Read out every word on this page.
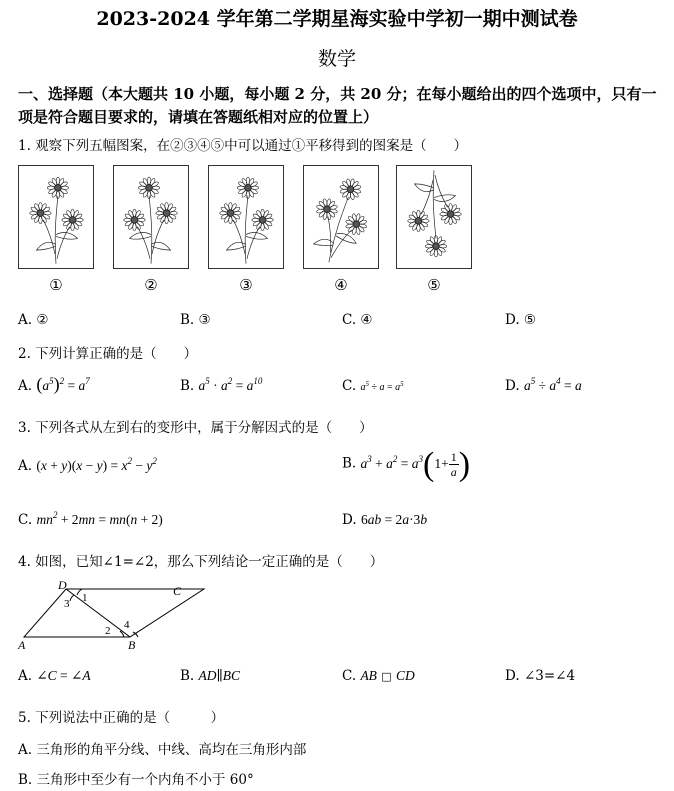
2023-2024 学年第二学期星海实验中学初一期中测试卷
数学
一、选择题（本大题共 10 小题，每小题 2 分，共 20 分；在每小题给出的四个选项中，只有一
项是符合题目要求的，请填在答题纸相对应的位置上）
1. 观察下列五幅图案，在②③④⑤中可以通过①平移得到的图案是（　　）
①	②	③	④	⑤
A. ②	B. ③	C. ④	D. ⑤
2. 下列计算正确的是（　　）
A. $(a^5)^2 = a^7$	B. $a^5 \cdot a^2 = a^{10}$	C. $a^5 \div a = a^5$	D. $a^5 \div a^4 = a$
3. 下列各式从左到右的变形中，属于分解因式的是（　　）
A. $(x + y)(x - y) = x^2 - y^2$	B. $a^3 + a^2 = a^3(1+ \frac{1}{a}$ )
C. $mn^2 + 2mn = mn(n + 2)$	D. 6ab = 2a·3b
4. 如图，已知∠1=∠2，那么下列结论一定正确的是（　　）
D	C
A	B
1
2
3
4
A. ∠C = ∠A	B. AD∥BC	C. AB □ CD	D. ∠3=∠4
5. 下列说法中正确的是（　　　）
A. 三角形的角平分线、中线、高均在三角形内部
B. 三角形中至少有一个内角不小于 60°
